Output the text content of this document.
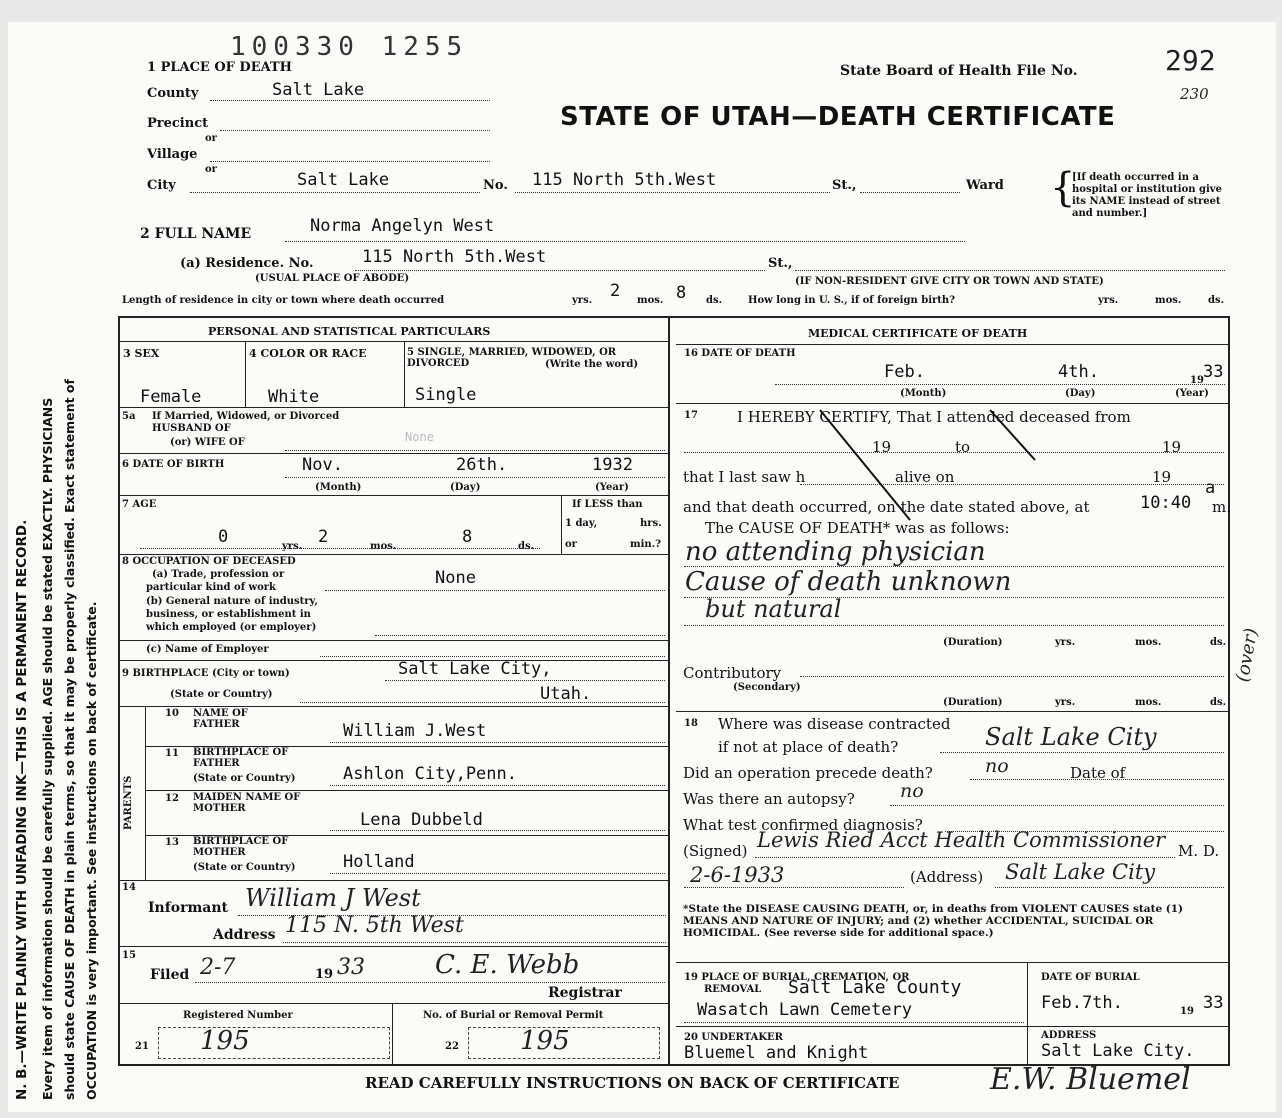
N. B.—WRITE PLAINLY WITH UNFADING INK—THIS IS A PERMANENT RECORD. Every item of information should be carefully supplied. AGE should be stated EXACTLY. PHYSICIANS should state CAUSE OF DEATH in plain terms, so that it may be properly classified. Exact statement of OCCUPATION is very important. See instructions on back of certificate.
100330 1255
State Board of Health File No.	292
230
STATE OF UTAH—DEATH CERTIFICATE
1 PLACE OF DEATH
County	Salt Lake
Precinct
or
Village
or
City	Salt Lake	No. 115 North 5th.West	St.,	Ward {
[If death occurred in a hospital or institution give its NAME instead of street and number.]
2 FULL NAME	Norma Angelyn West
(a) Residence. No.	115 North 5th.West	St.,
(USUAL PLACE OF ABODE)	(IF NON-RESIDENT GIVE CITY OR TOWN AND STATE)
Length of residence in city or town where death occurred	yrs. 2 mos. 8 ds.	How long in U. S., if of foreign birth?	yrs.	mos.	ds.
PERSONAL AND STATISTICAL PARTICULARS	MEDICAL CERTIFICATE OF DEATH
3 SEX
Female
4 COLOR OR RACE
White
5 SINGLE, MARRIED, WIDOWED, OR DIVORCED	(Write the word)
Single
5a If Married, Widowed, or Divorced
HUSBAND OF
(or) WIFE OF	None
6 DATE OF BIRTH	Nov.	26th.	1932
(Month)	(Day)	(Year)
7 AGE
0	yrs. 2	mos.	8	ds.
If LESS than
1 day,	hrs.
or	min.?
8 OCCUPATION OF DECEASED
(a) Trade, profession or
particular kind of work
(b) General nature of industry,
business, or establishment in
which employed (or employer)
None
(c) Name of Employer
9 BIRTHPLACE (City or town)	Salt Lake City,
(State or Country)	Utah.
PARENTS
10 NAME OF FATHER	William J.West
11 BIRTHPLACE OF FATHER
(State or Country)	Ashlon City,Penn.
12 MAIDEN NAME OF MOTHER
Lena Dubbeld
13 BIRTHPLACE OF MOTHER
(State or Country)	Holland
14
Informant William J West
Address 115 N. 5th West
15
Filed 2-7	19 33	C. E. Webb
Registrar
Registered Number	No. of Burial or Removal Permit
21 195	22 195
16 DATE OF DEATH
Feb.	4th.	19 33
(Month)	(Day)	(Year)
17	I HEREBY CERTIFY, That I attended deceased from
19	to	19
that I last saw h	alive on	19
and that death occurred, on the date stated above, at	10:40
a
m.
The CAUSE OF DEATH* was as follows:
no attending physician
Cause of death unknown
but natural
(over)
(Duration)	yrs.	mos.	ds.
Contributory
(Secondary)
(Duration)	yrs.	mos.	ds.
18 Where was disease contracted
if not at place of death?	Salt Lake City
Did an operation precede death?	no	Date of
Was there an autopsy? no
What test confirmed diagnosis?
(Signed) Lewis Ried Acct Health Commissioner M. D.
2-6-1933	(Address) Salt Lake City
*State the DISEASE CAUSING DEATH, or, in deaths from VIOLENT CAUSES state (1) MEANS AND NATURE OF INJURY; and (2) whether ACCIDENTAL, SUICIDAL OR HOMICIDAL. (See reverse side for additional space.)
19 PLACE OF BURIAL, CREMATION, OR
REMOVAL Salt Lake County
Wasatch Lawn Cemetery
DATE OF BURIAL
Feb.7th.	19 33
20 UNDERTAKER
Bluemel and Knight
ADDRESS
Salt Lake City.
READ CAREFULLY INSTRUCTIONS ON BACK OF CERTIFICATE	E.W. Bluemel
